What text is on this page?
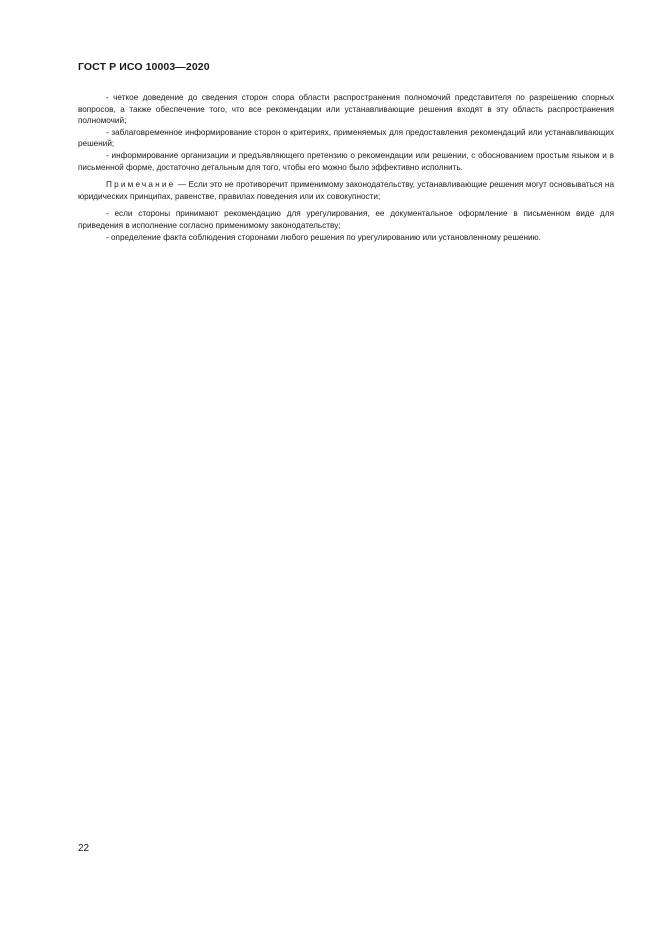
ГОСТ Р ИСО 10003—2020

- четкое доведение до сведения сторон спора области распространения полномочий представителя по разрешению спорных вопросов, а также обеспечение того, что все рекомендации или устанавливающие решения входят в эту область распространения полномочий;

- заблаговременное информирование сторон о критериях, применяемых для предоставления рекомендаций или устанавливающих решений;

- информирование организации и предъявляющего претензию о рекомендации или решении, с обоснованием простым языком и в письменной форме, достаточно детальным для того, чтобы его можно было эффективно исполнить.

Примечание — Если это не противоречит применимому законодательству, устанавливающие решения могут основываться на юридических принципах, равенстве, правилах поведения или их совокупности;

- если стороны принимают рекомендацию для урегулирования, ее документальное оформление в письменном виде для приведения в исполнение согласно применимому законодательству;

- определение факта соблюдения сторонами любого решения по урегулированию или установленному решению.

22
